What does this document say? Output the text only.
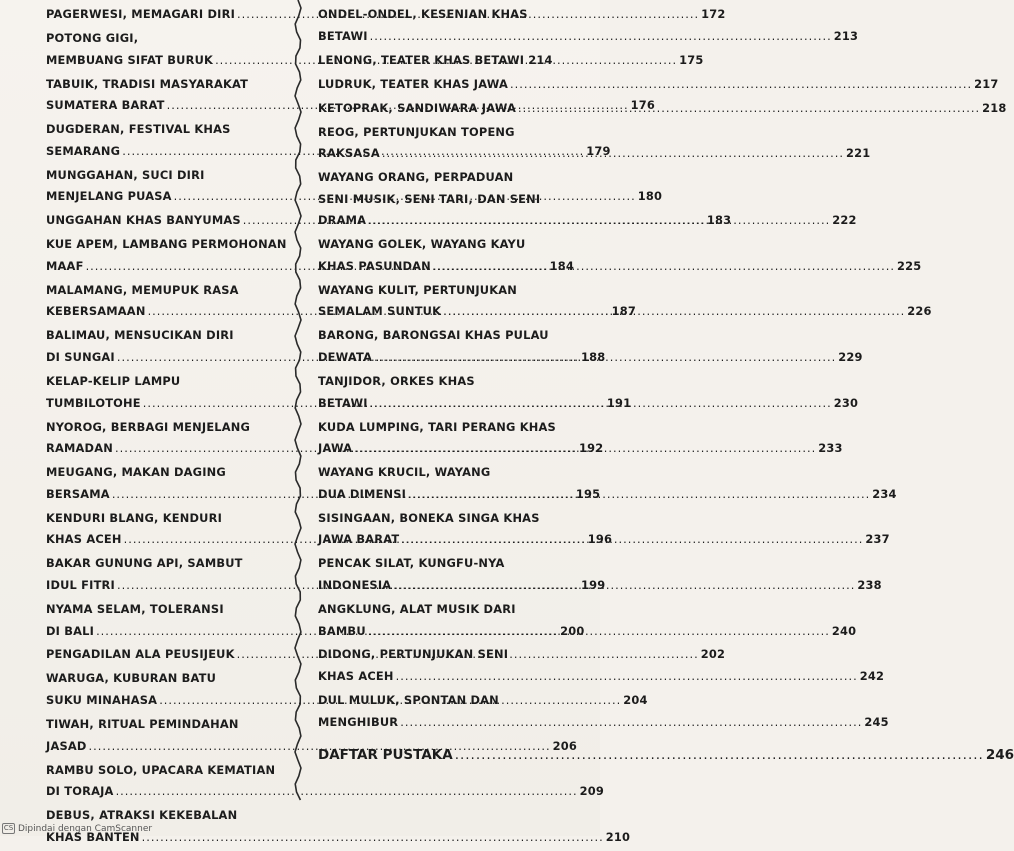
PAGERWESI, MEMAGARI DIRI .....	172
POTONG GIGI,
MEMBUANG SIFAT BURUK .....	175
TABUIK, TRADISI MASYARAKAT
SUMATERA BARAT .....	176
DUGDERAN, FESTIVAL KHAS
SEMARANG .....	179
MUNGGAHAN, SUCI DIRI
MENJELANG PUASA .....	180
UNGGAHAN KHAS BANYUMAS .....	183
KUE APEM, LAMBANG PERMOHONAN
MAAF .....	184
MALAMANG, MEMUPUK RASA
KEBERSAMAAN .....	187
BALIMAU, MENSUCIKAN DIRI
DI SUNGAI .....	188
KELAP-KELIP LAMPU
TUMBILOTOHE .....	191
NYOROG, BERBAGI MENJELANG
RAMADAN .....	192
MEUGANG, MAKAN DAGING
BERSAMA .....	195
KENDURI BLANG, KENDURI
KHAS ACEH .....	196
BAKAR GUNUNG API, SAMBUT
IDUL FITRI .....	199
NYAMA SELAM, TOLERANSI
DI BALI .....	200
PENGADILAN ALA PEUSIJEUK .....	202
WARUGA, KUBURAN BATU
SUKU MINAHASA .....	204
TIWAH, RITUAL PEMINDAHAN
JASAD .....	206
RAMBU SOLO, UPACARA KEMATIAN
DI TORAJA .....	209
DEBUS, ATRAKSI KEKEBALAN
KHAS BANTEN .....	210
ONDEL-ONDEL, KESENIAN KHAS
BETAWI .....	213
LENONG, TEATER KHAS BETAWI 214
LUDRUK, TEATER KHAS JAWA .....	217
KETOPRAK, SANDIWARA JAWA .....	218
REOG, PERTUNJUKAN TOPENG
RAKSASA .....	221
WAYANG ORANG, PERPADUAN
SENI MUSIK, SENI TARI, DAN SENI
DRAMA .....	222
WAYANG GOLEK, WAYANG KAYU
KHAS PASUNDAN .....	225
WAYANG KULIT, PERTUNJUKAN
SEMALAM SUNTUK .....	226
BARONG, BARONGSAI KHAS PULAU
DEWATA .....	229
TANJIDOR, ORKES KHAS
BETAWI .....	230
KUDA LUMPING, TARI PERANG KHAS
JAWA .....	233
WAYANG KRUCIL, WAYANG
DUA DIMENSI .....	234
SISINGAAN, BONEKA SINGA KHAS
JAWA BARAT .....	237
PENCAK SILAT, KUNGFU-NYA
INDONESIA .....	238
ANGKLUNG, ALAT MUSIK DARI
BAMBU .....	240
DIDONG, PERTUNJUKAN SENI
KHAS ACEH .....	242
DUL MULUK, SPONTAN DAN
MENGHIBUR .....	245
DAFTAR PUSTAKA .....	246
CS Dipindai dengan CamScanner
